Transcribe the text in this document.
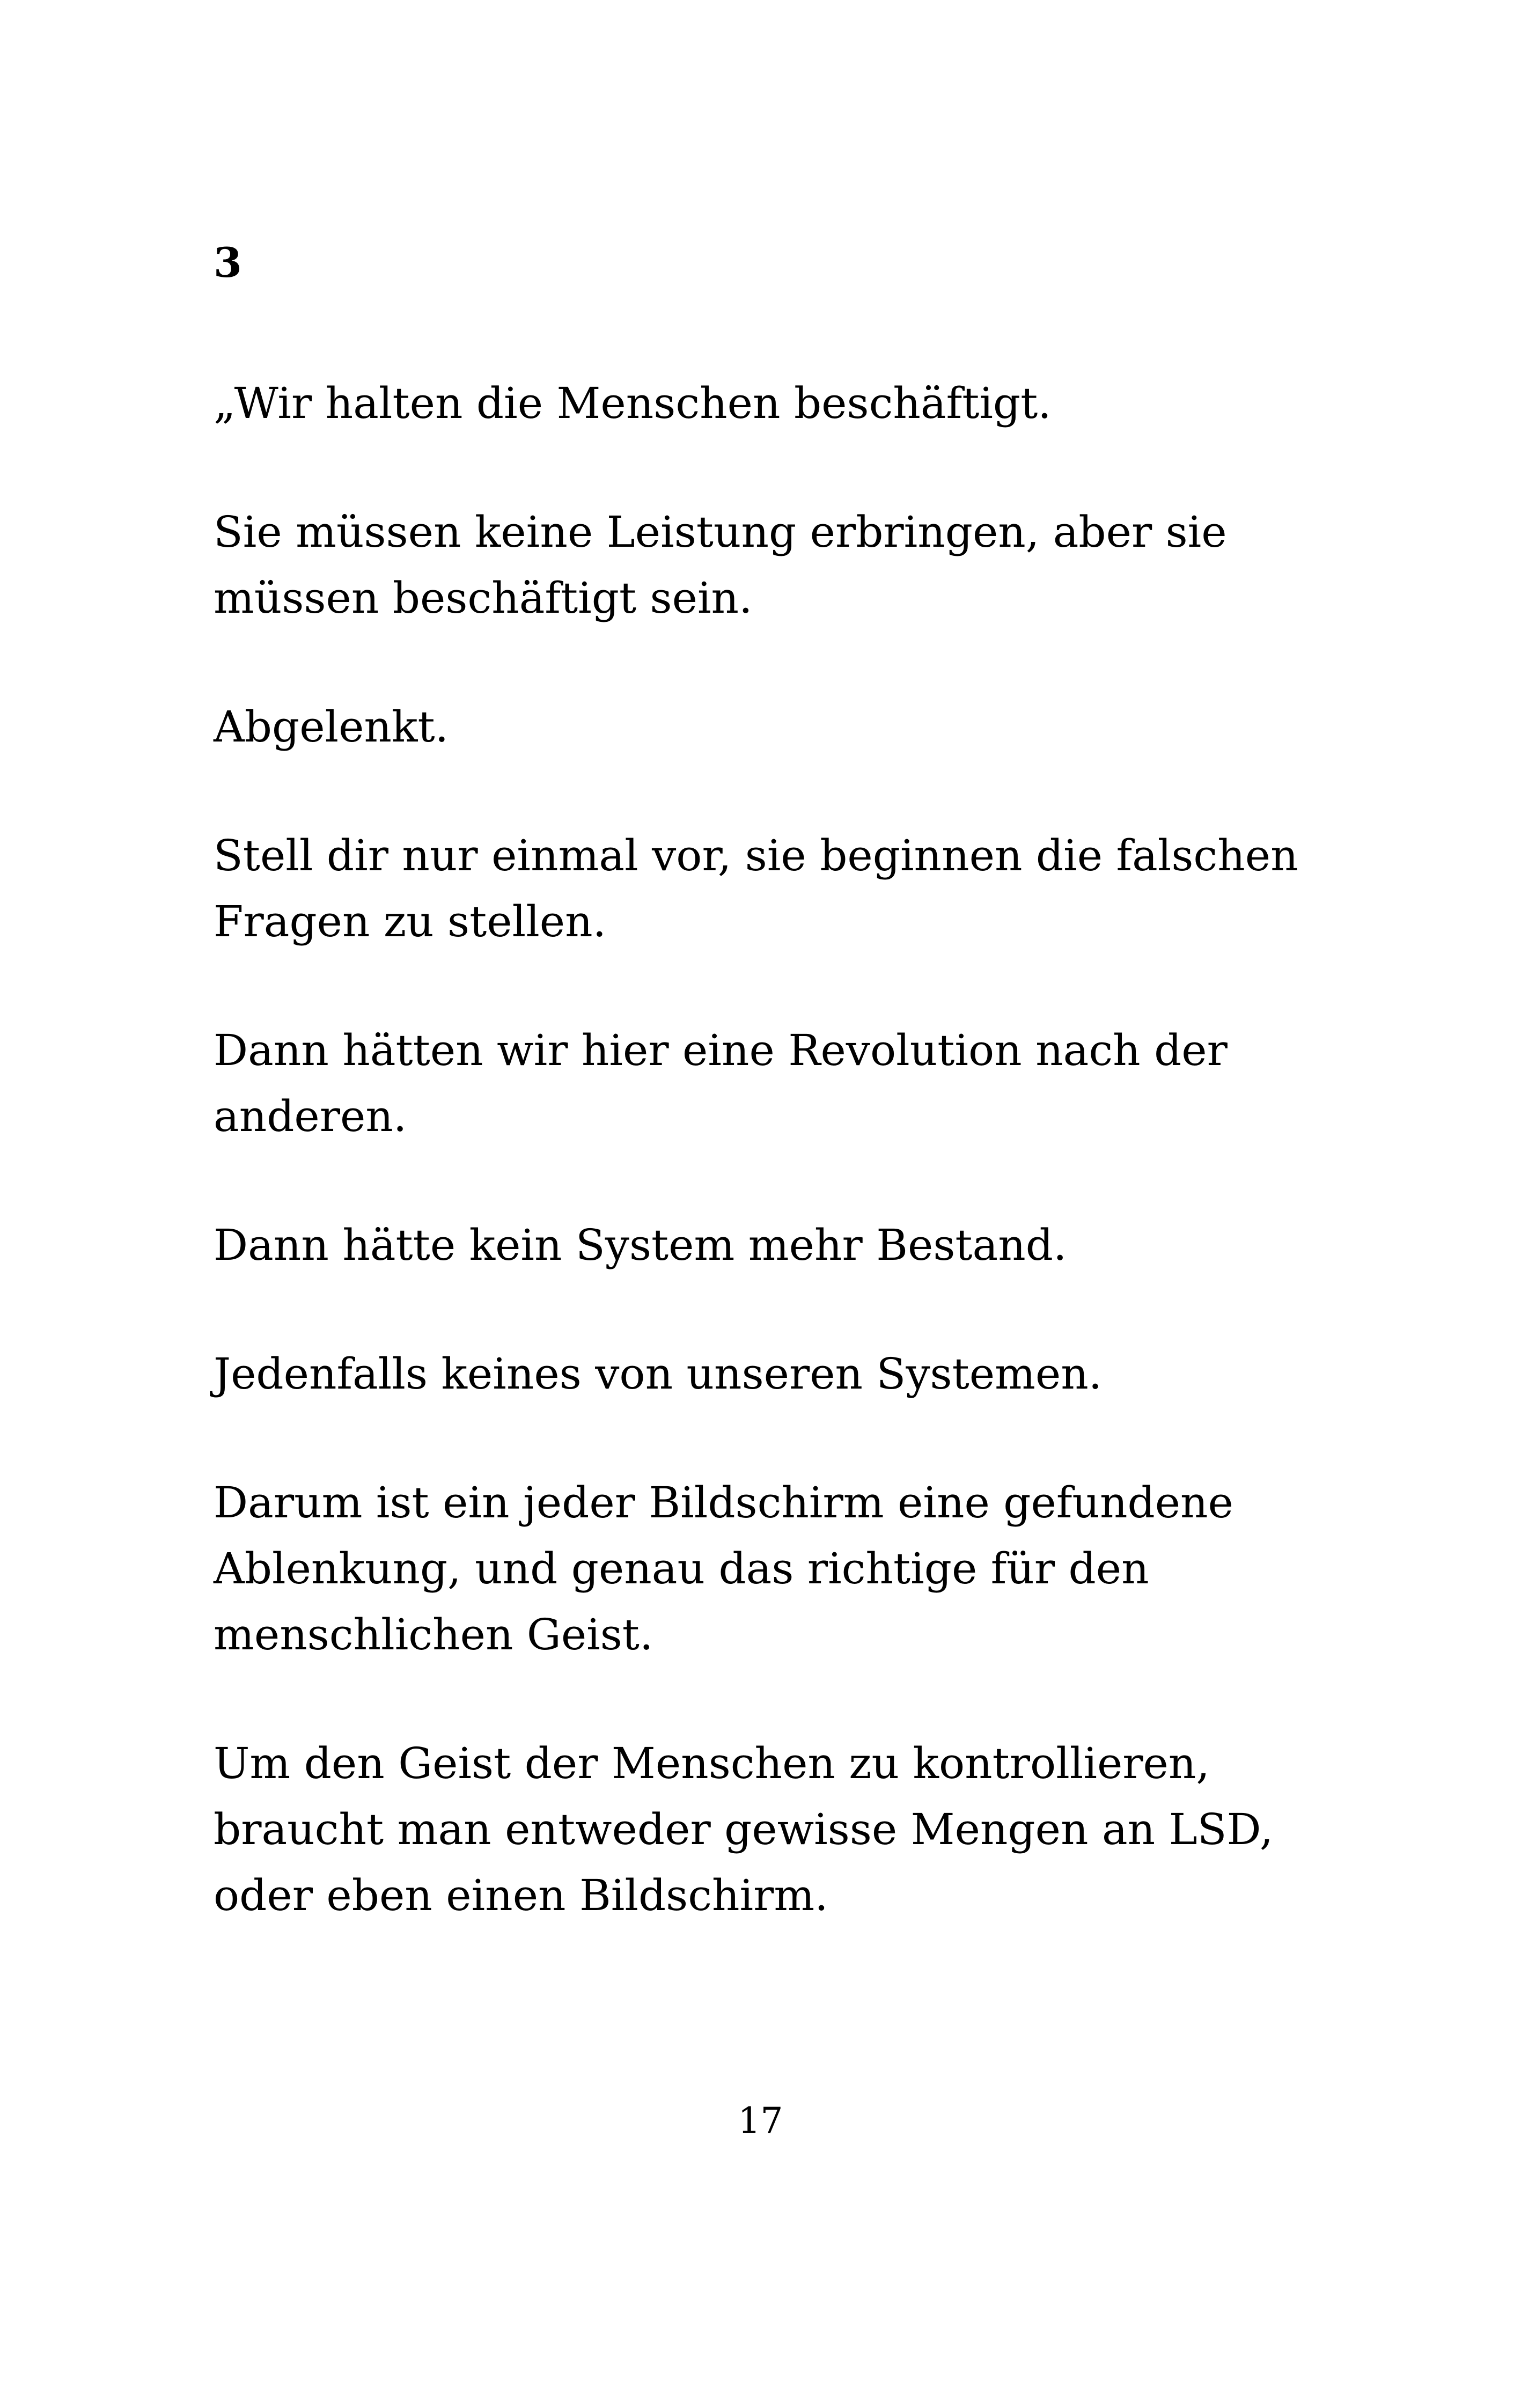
3

„Wir halten die Menschen beschäftigt.

Sie müssen keine Leistung erbringen, aber sie
müssen beschäftigt sein.

Abgelenkt.

Stell dir nur einmal vor, sie beginnen die falschen
Fragen zu stellen.

Dann hätten wir hier eine Revolution nach der
anderen.

Dann hätte kein System mehr Bestand.

Jedenfalls keines von unseren Systemen.

Darum ist ein jeder Bildschirm eine gefundene
Ablenkung, und genau das richtige für den
menschlichen Geist.

Um den Geist der Menschen zu kontrollieren,
braucht man entweder gewisse Mengen an LSD,
oder eben einen Bildschirm.

17
